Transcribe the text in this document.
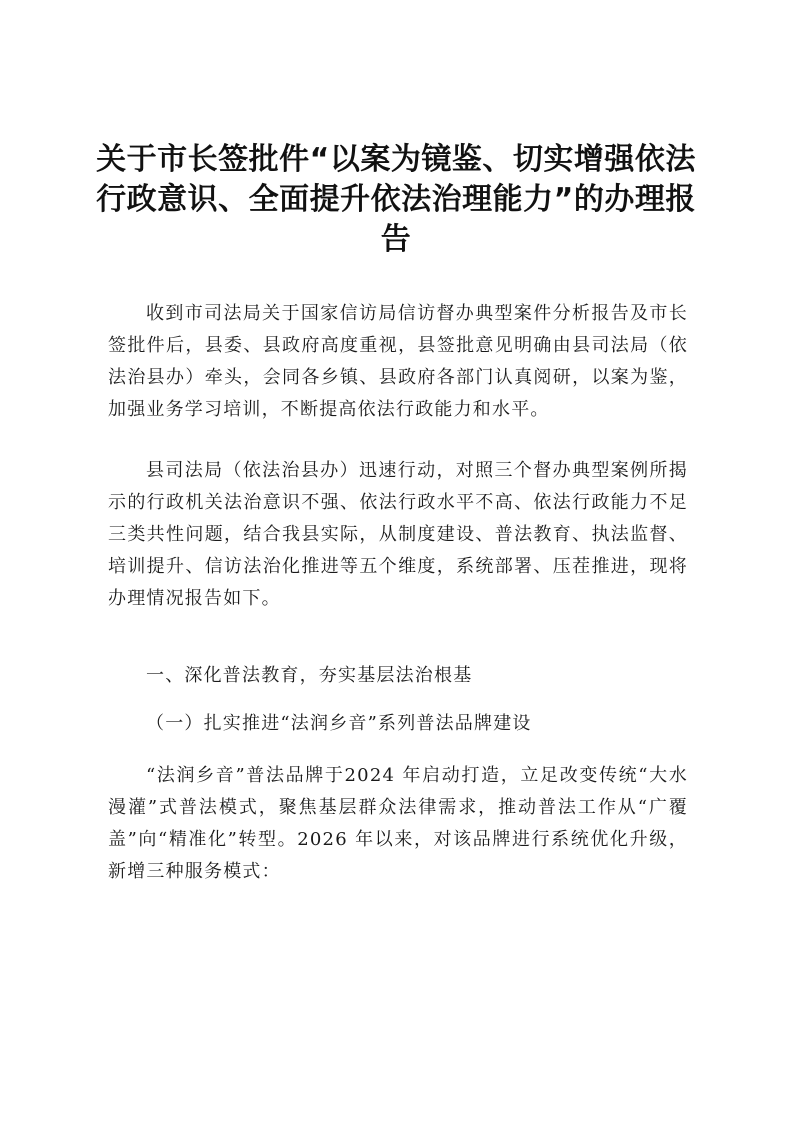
关于市长签批件“以案为镜鉴、切实增强依法行政意识、全面提升依法治理能力”的办理报告

收到市司法局关于国家信访局信访督办典型案件分析报告及市长签批件后，县委、县政府高度重视，县签批意见明确由县司法局（依法治县办）牵头，会同各乡镇、县政府各部门认真阅研，以案为鉴，加强业务学习培训，不断提高依法行政能力和水平。

县司法局（依法治县办）迅速行动，对照三个督办典型案例所揭示的行政机关法治意识不强、依法行政水平不高、依法行政能力不足三类共性问题，结合我县实际，从制度建设、普法教育、执法监督、培训提升、信访法治化推进等五个维度，系统部署、压茬推进，现将办理情况报告如下。

一、深化普法教育，夯实基层法治根基

（一）扎实推进“法润乡音”系列普法品牌建设

“法润乡音”普法品牌于2024 年启动打造，立足改变传统“大水漫灌”式普法模式，聚焦基层群众法律需求，推动普法工作从“广覆盖”向“精准化”转型。2026 年以来，对该品牌进行系统优化升级，新增三种服务模式：
